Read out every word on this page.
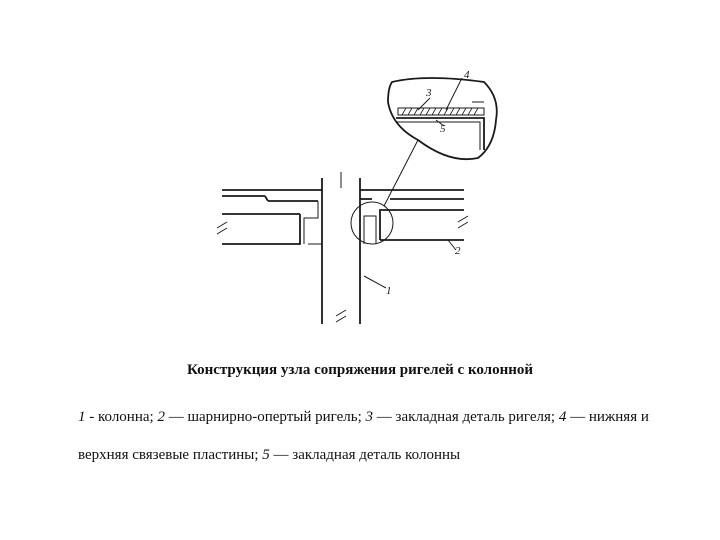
4
3
5
2
1
Конструкция узла сопряжения ригелей с колонной
1 - колонна; 2 — шарнирно-опертый ригель; 3 — закладная деталь ригеля; 4 — нижняя и верхняя связевые пластины; 5 — закладная деталь колонны
